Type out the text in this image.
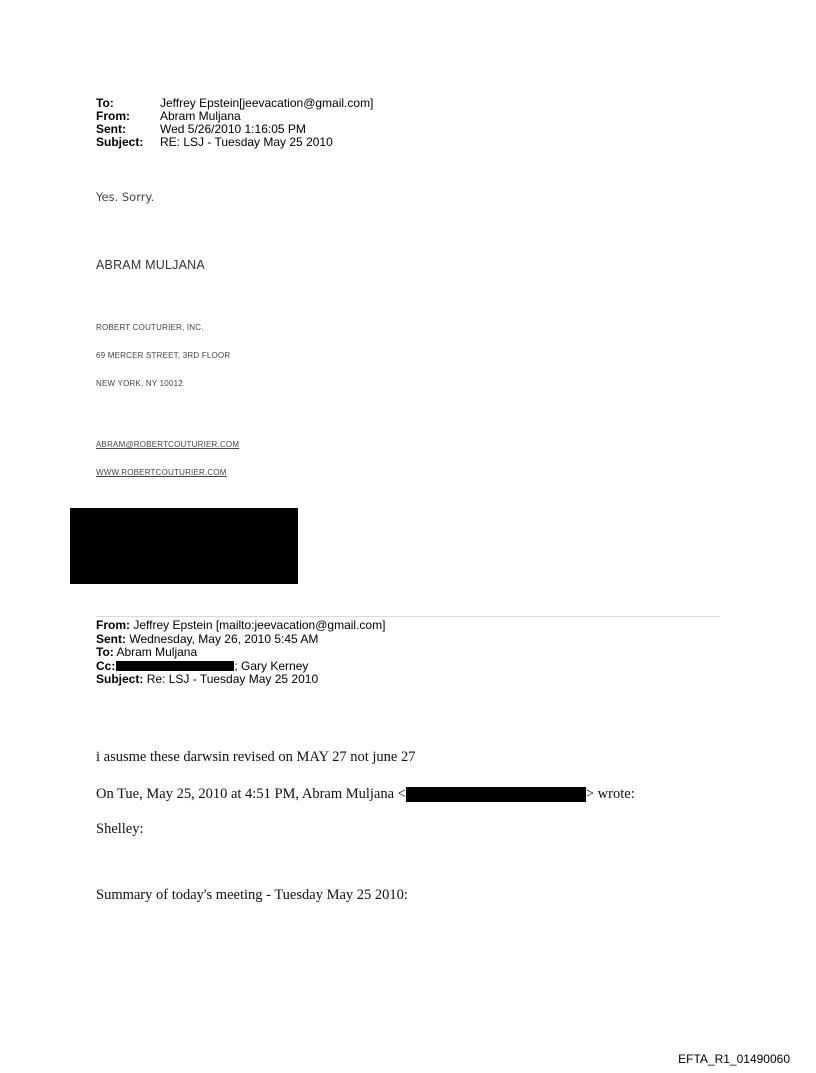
To:	Jeffrey Epstein[jeevacation@gmail.com]
From:	Abram Muljana
Sent:	Wed 5/26/2010 1:16:05 PM
Subject:	RE: LSJ - Tuesday May 25 2010
Yes. Sorry.
ABRAM MULJANA
ROBERT COUTURIER, INC.
69 MERCER STREET, 3RD FLOOR
NEW YORK, NY 10012
ABRAM@ROBERTCOUTURIER.COM
WWW.ROBERTCOUTURIER.COM
From: Jeffrey Epstein [mailto:jeevacation@gmail.com]
Sent: Wednesday, May 26, 2010 5:45 AM
To: Abram Muljana
Cc:	; Gary Kerney
Subject: Re: LSJ - Tuesday May 25 2010
i asusme these darwsin revised on MAY 27 not june 27
On Tue, May 25, 2010 at 4:51 PM, Abram Muljana <	> wrote:
Shelley:
Summary of today's meeting - Tuesday May 25 2010:
EFTA_R1_01490060
